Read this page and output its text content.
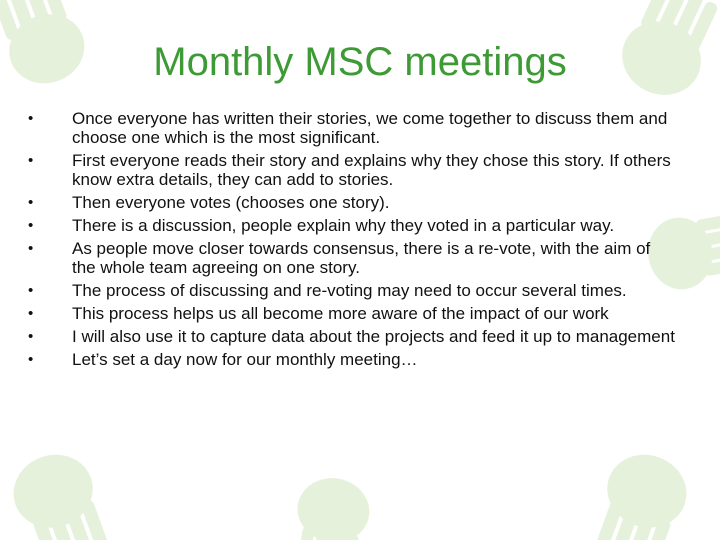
Monthly MSC meetings
• Once everyone has written their stories, we come together to discuss them and choose one which is the most significant.
• First everyone reads their story and explains why they chose this story. If others know extra details, they can add to stories.
• Then everyone votes (chooses one story).
• There is a discussion, people explain why they voted in a particular way.
• As people move closer towards consensus, there is a re-vote, with the aim of the whole team agreeing on one story.
• The process of discussing and re-voting may need to occur several times.
• This process helps us all become more aware of the impact of our work
• I will also use it to capture data about the projects and feed it up to management
• Let’s set a day now for our monthly meeting…
